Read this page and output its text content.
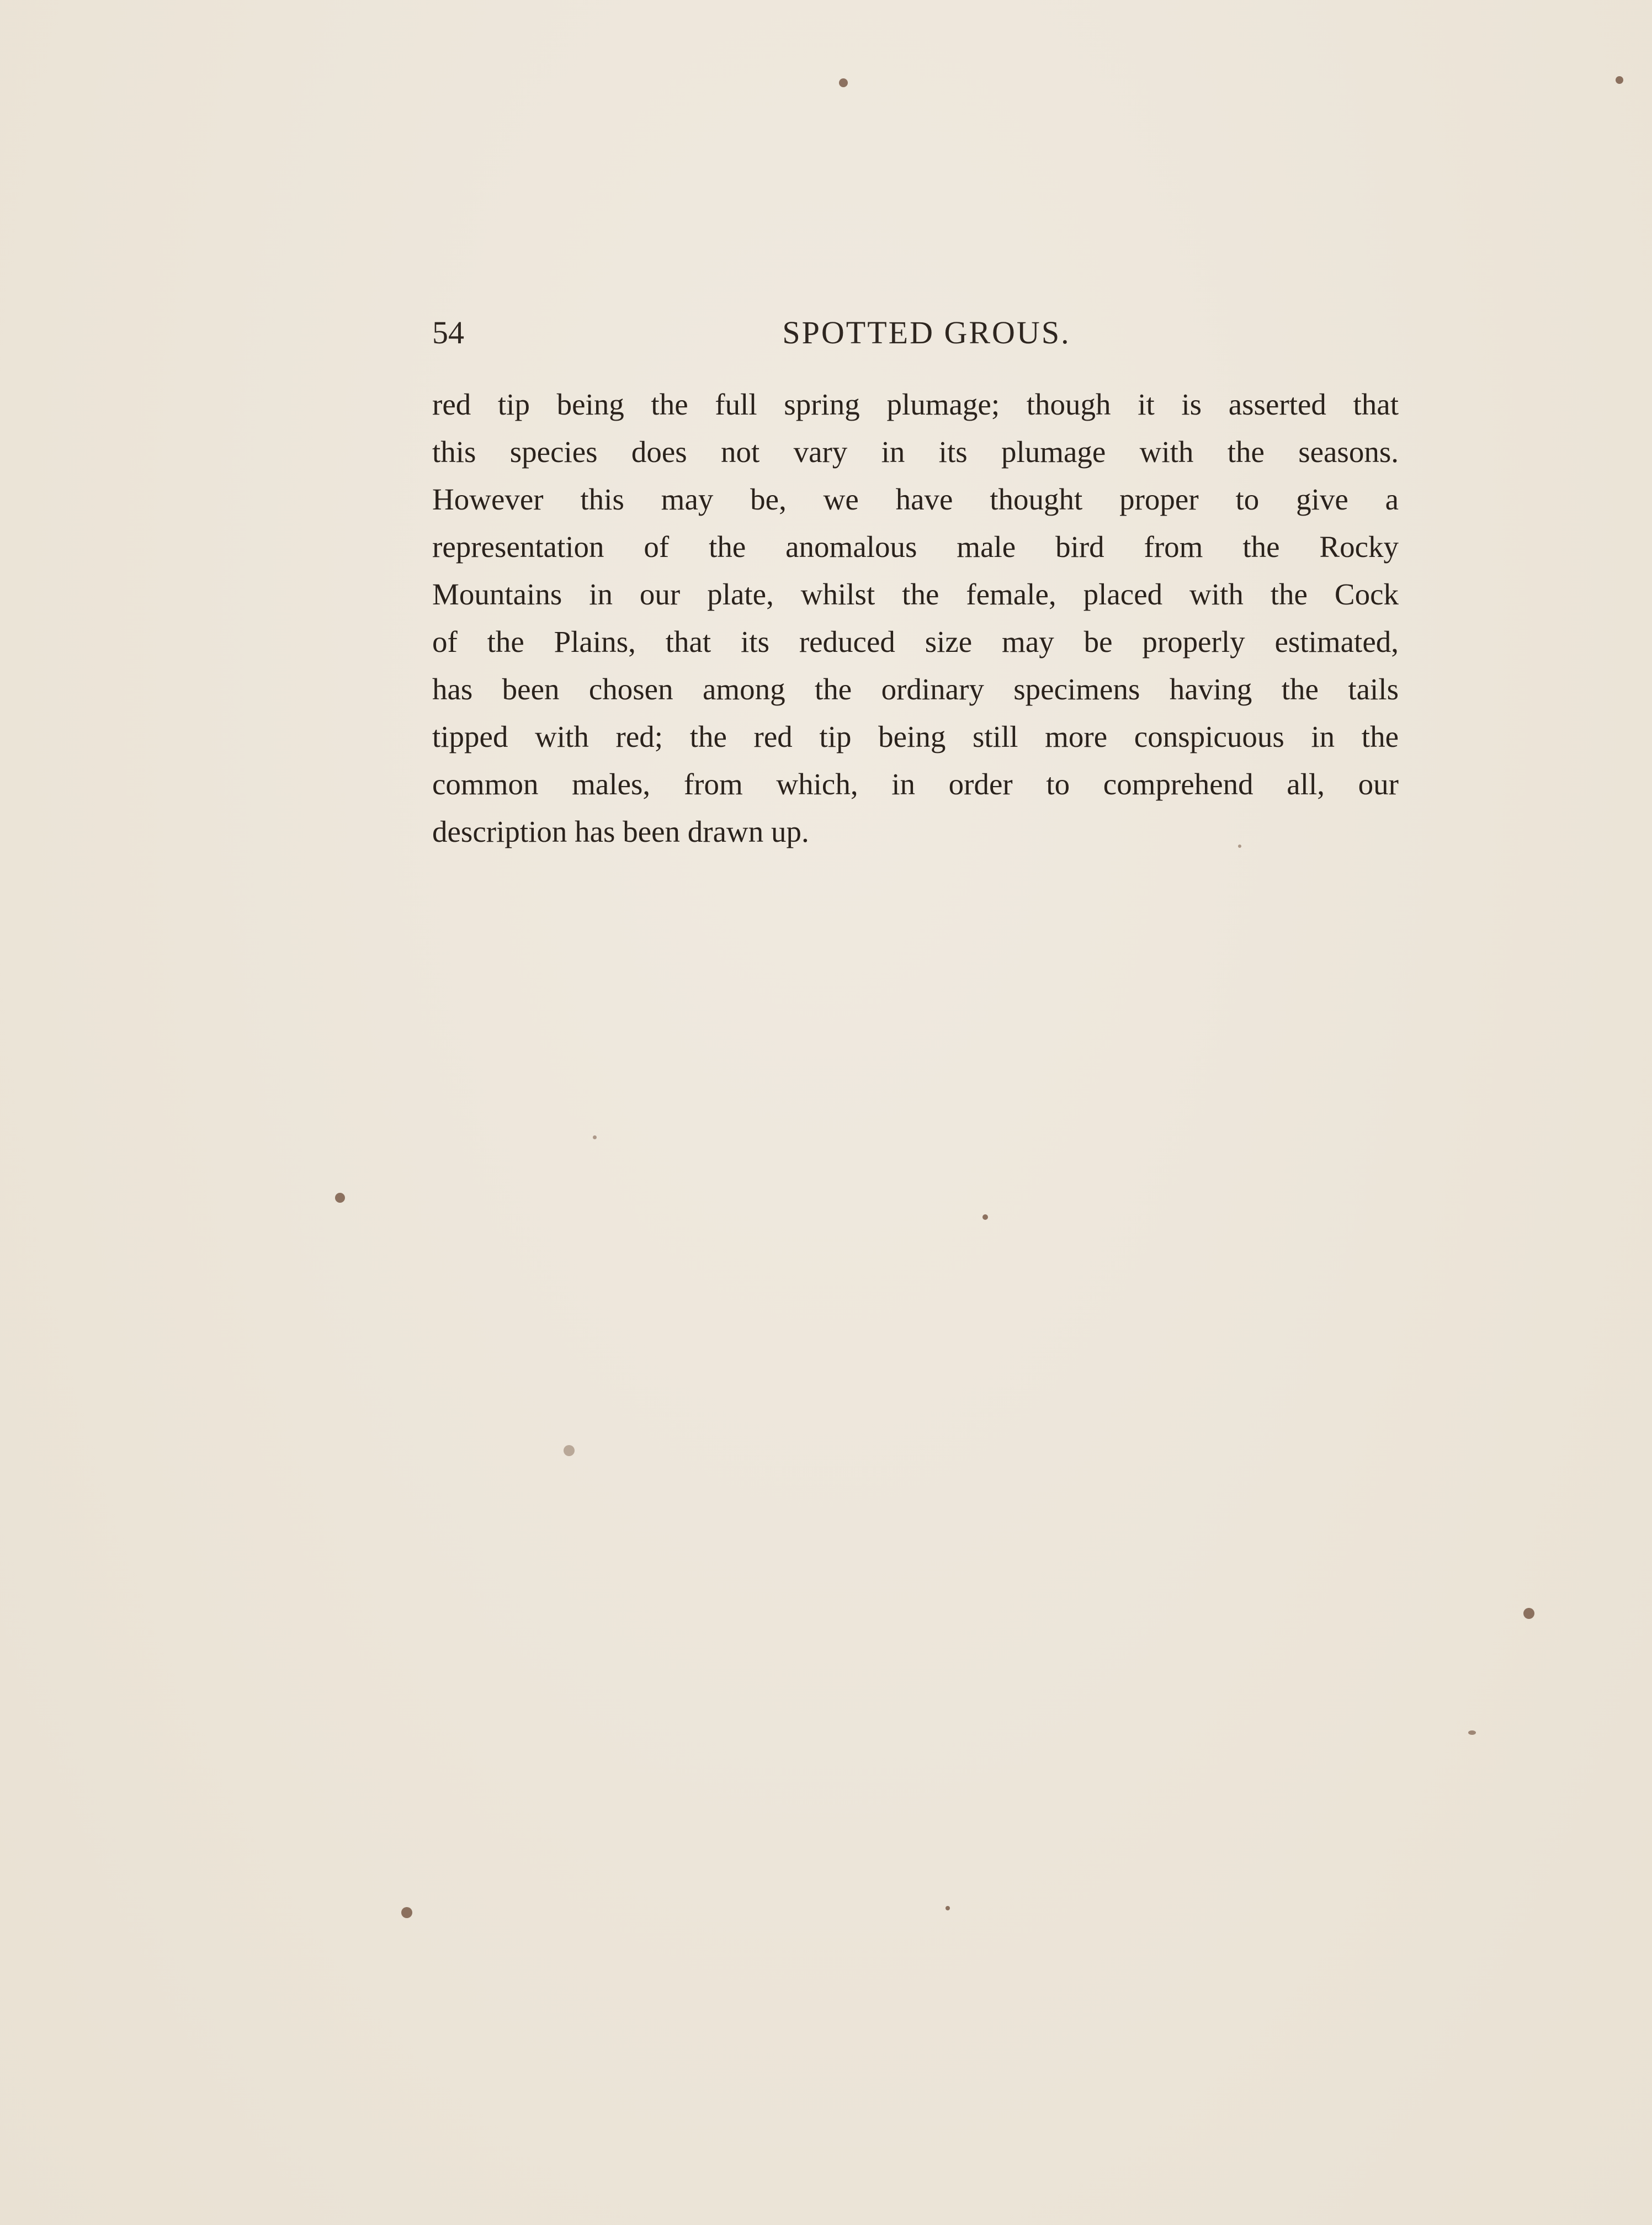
54	SPOTTED GROUS.
red tip being the full spring plumage; though it is asserted that
this species does not vary in its plumage with the seasons.
However this may be, we have thought proper to give a
representation of the anomalous male bird from the Rocky
Mountains in our plate, whilst the female, placed with the Cock
of the Plains, that its reduced size may be properly estimated,
has been chosen among the ordinary specimens having the tails
tipped with red; the red tip being still more conspicuous in the
common males, from which, in order to comprehend all, our
description has been drawn up.
